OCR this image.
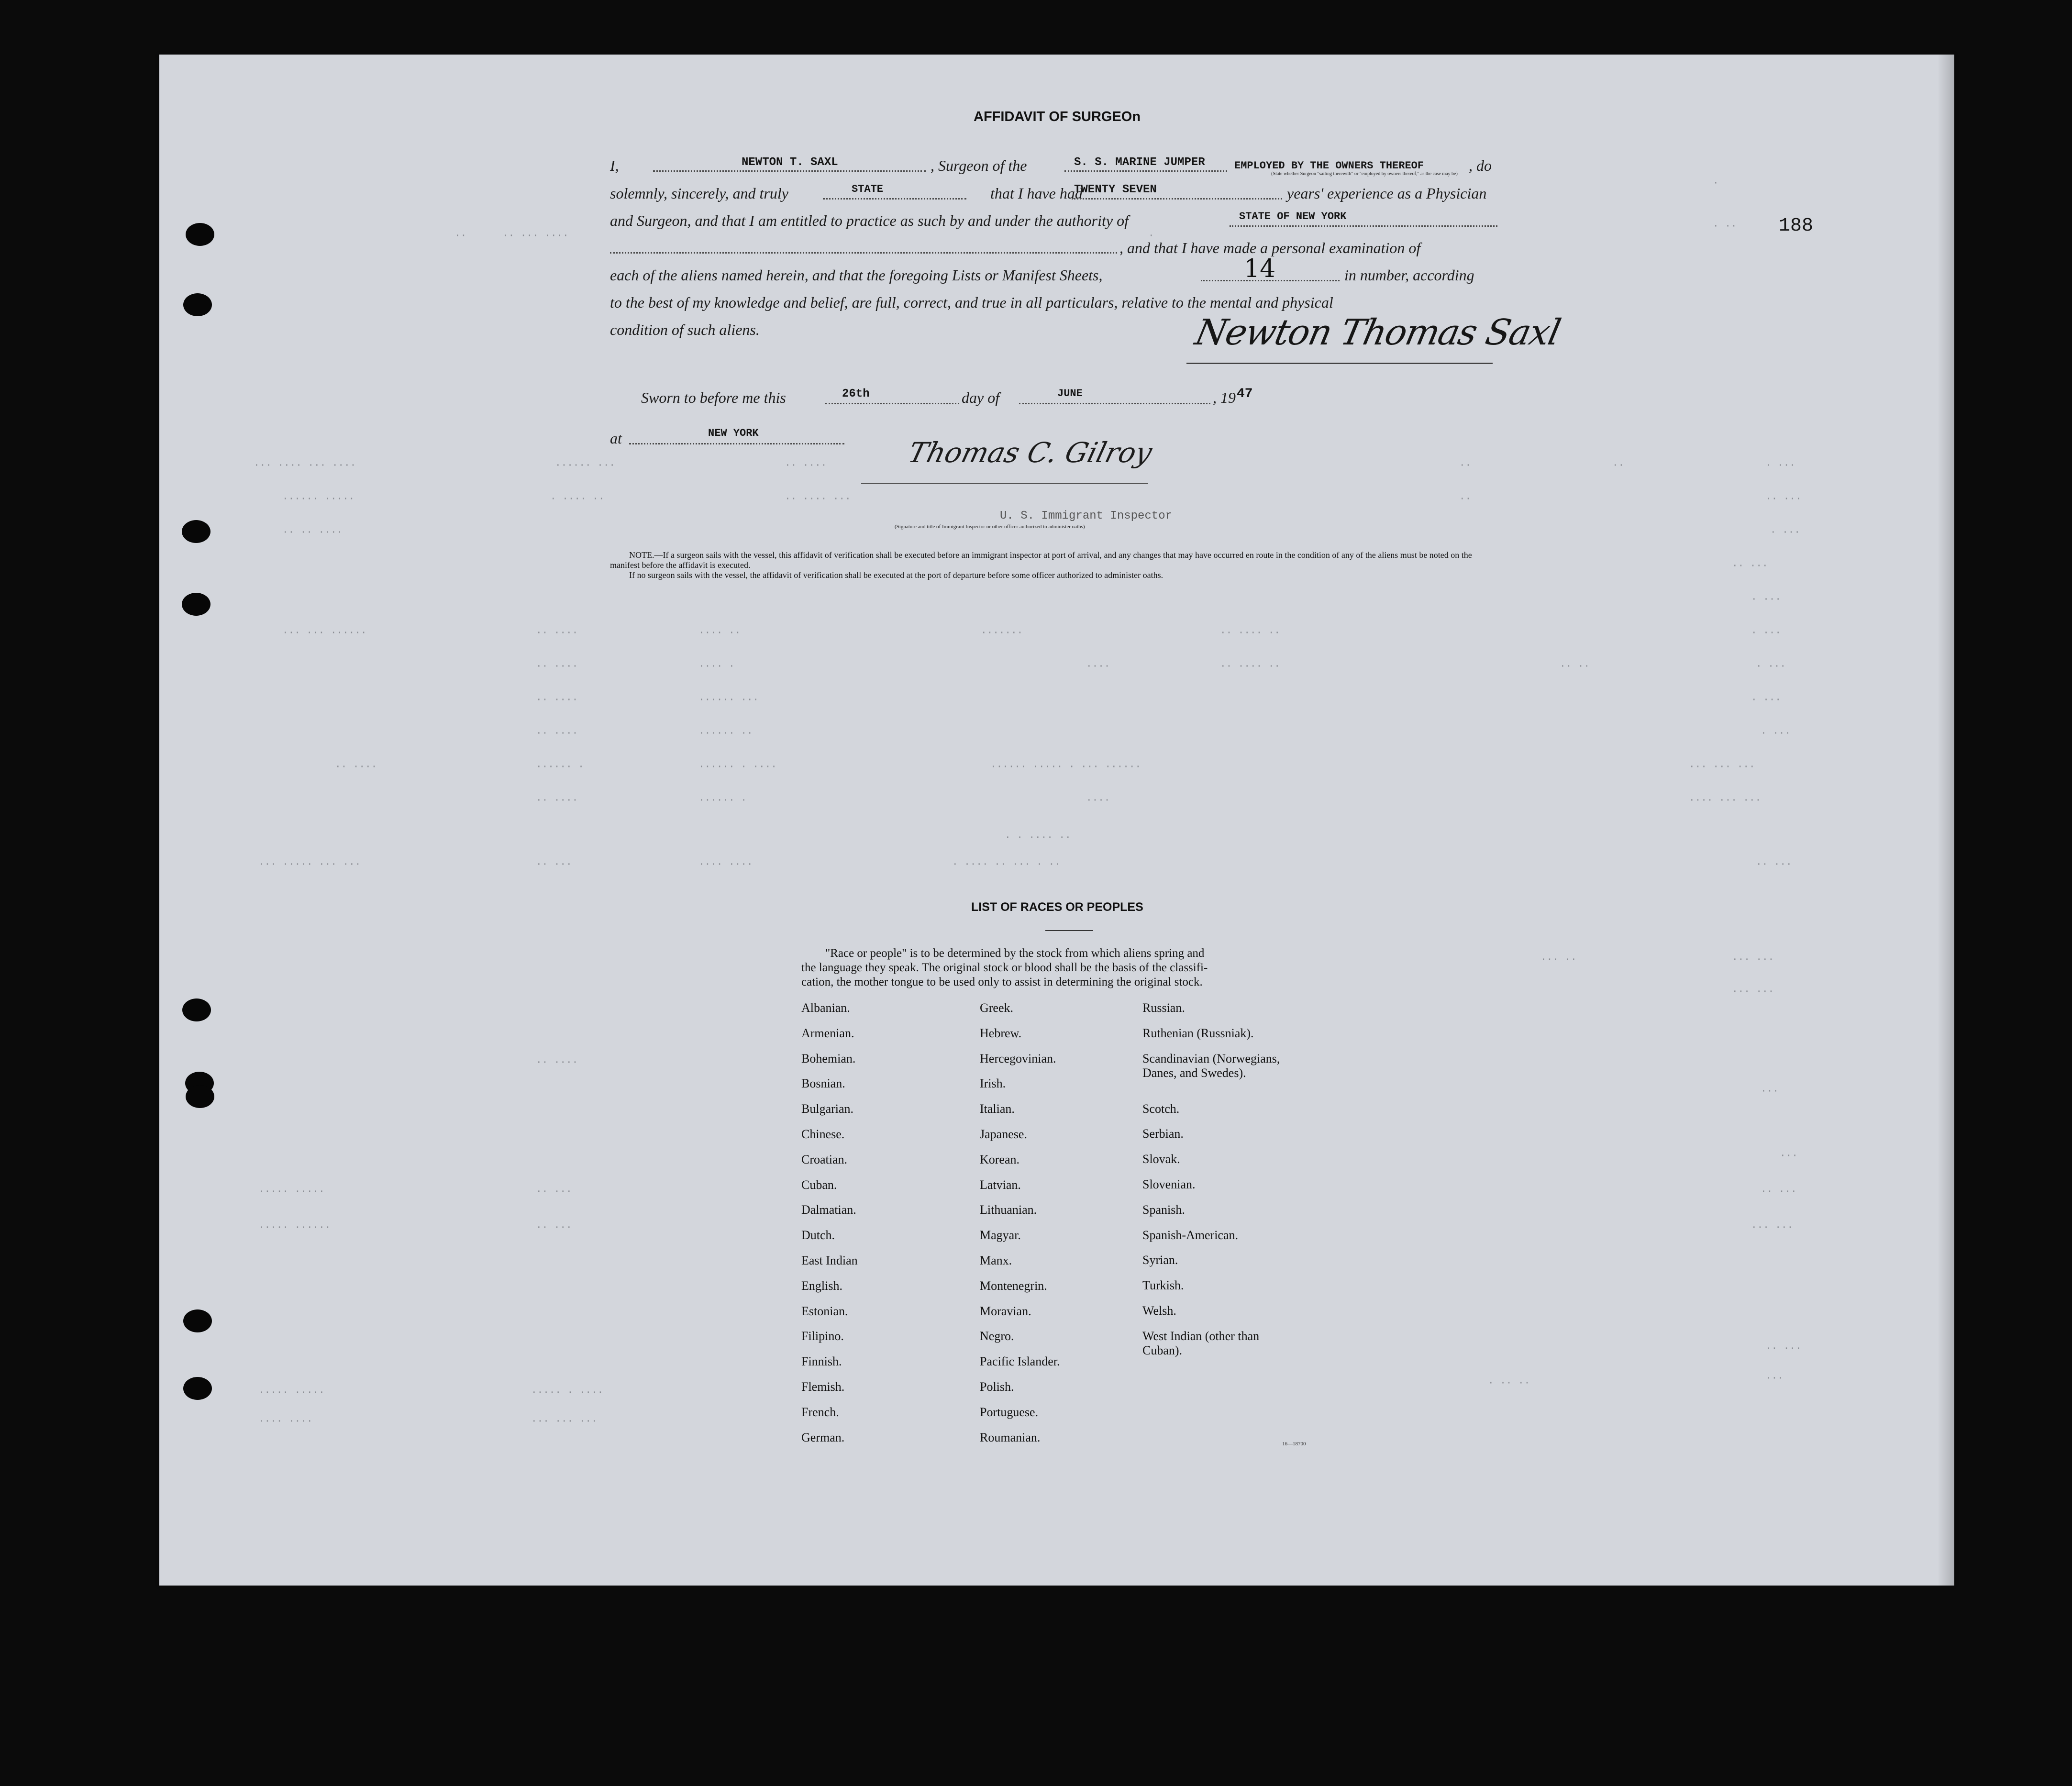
188
··· ···· ··· ····	······ ···	·· ····	··	··	· ···
······ ·····	· ···· ··	·· ···· ···	··	·· ···
·· ·· ····	· ···
·· ···
· ···
··· ··· ······	·· ····	···· ··	·······	·· ···· ··	· ···
·· ····	···· ·	····	·· ···· ··	·· ··	· ···
·· ····	······ ···	· ···
·· ····	······ ··	· ···
·· ····	······ ·	······ · ····	······ ····· · ··· ······	··· ··· ···
·· ····	······ ·	····	···· ··· ···
· · ···· ··
··· ····· ··· ···	·· ···	···· ····	· ···· ·· ··· · ··	·· ···
··· ··	··· ···
··· ···
·· ····
···
···
····· ·····
····· ······
·· ···
·· ···
·· ···
··· ···
·· ···
····· ·····	····· · ····
· ·· ··	···
···· ····	··· ··· ···
·· ··· ····
··	·
·
· ··
AFFIDAVIT OF SURGEOn
I,	NEWTON T. SAXL	, Surgeon of the	S. S. MARINE JUMPER	EMPLOYED BY THE OWNERS THEREOF	, do
(State whether Surgeon "sailing therewith" or "employed by owners thereof," as the case may be)
solemnly, sincerely, and truly	STATE	that I have had
TWENTY SEVEN	years' experience as a Physician
and Surgeon, and that I am entitled to practice as such by and under the authority of	STATE OF NEW YORK
, and that I have made a personal examination of
each of the aliens named herein, and that the foregoing Lists or Manifest Sheets,	14	in number, according
to the best of my knowledge and belief, are full, correct, and true in all particulars, relative to the mental and physical
condition of such aliens.	Newton Thomas Saxl
Sworn to before me this	26th	day of	JUNE	, 19 47
at	NEW YORK
Thomas C. Gilroy
U. S. Immigrant Inspector
(Signature and title of Immigrant Inspector or other officer authorized to administer oaths)
NOTE.—If a surgeon sails with the vessel, this affidavit of verification shall be executed before an immigrant inspector at port of arrival, and any changes that may have occurred en route in the condition of any of the aliens must be noted on the manifest before the affidavit is executed.
If no surgeon sails with the vessel, the affidavit of verification shall be executed at the port of departure before some officer authorized to administer oaths.
LIST OF RACES OR PEOPLES
"Race or people" is to be determined by the stock from which aliens spring and
the language they speak. The original stock or blood shall be the basis of the classifi-
cation, the mother tongue to be used only to assist in determining the original stock.
Albanian.
Armenian.
Bohemian.
Bosnian.
Bulgarian.
Chinese.
Croatian.
Cuban.
Dalmatian.
Dutch.
East Indian
English.
Estonian.
Filipino.
Finnish.
Flemish.
French.
German.
Greek.
Hebrew.
Hercegovinian.
Irish.
Italian.
Japanese.
Korean.
Latvian.
Lithuanian.
Magyar.
Manx.
Montenegrin.
Moravian.
Negro.
Pacific Islander.
Polish.
Portuguese.
Roumanian.
Russian.
Ruthenian (Russniak).
Scandinavian (Norwegians,
Danes, and Swedes).
Scotch.
Serbian.
Slovak.
Slovenian.
Spanish.
Spanish-American.
Syrian.
Turkish.
Welsh.
West Indian (other than
Cuban).
16—18700
